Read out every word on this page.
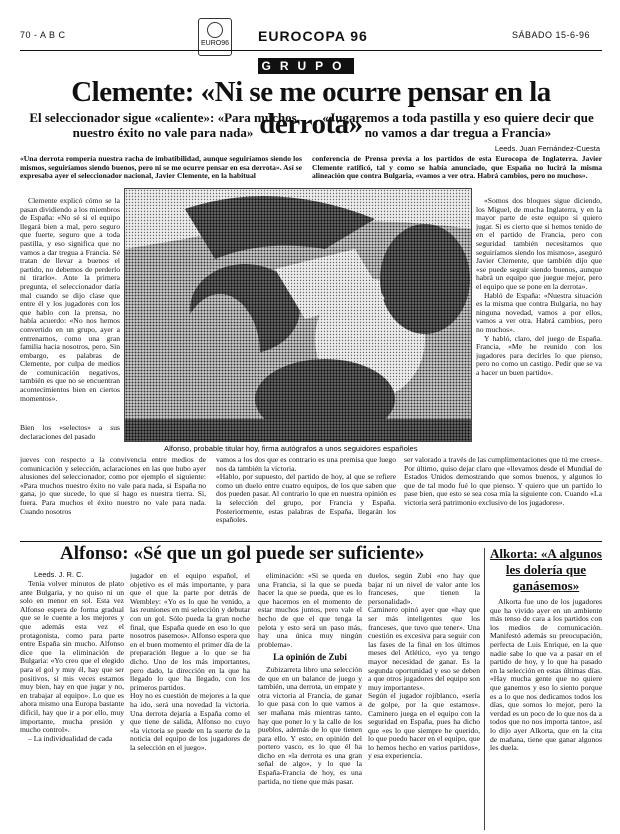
70 - A B C
EURO96 EUROCOPA 96	SÁBADO 15-6-96
GRUPO
Clemente: «Ni se me ocurre pensar en la derrota»
El seleccionador sigue «caliente»: «Para muchos nuestro éxito no vale para nada»
«Jugaremos a toda pastilla y eso quiere decir que no vamos a dar tregua a Francia»
Leeds. Juan Fernández-Cuesta
«Una derrota rompería nuestra racha de imbatibilidad, aunque seguiríamos siendo los mismos, seguiríamos siendo buenos, pero ni se me ocurre pensar en esa derrota». Así se expresaba ayer el seleccionador nacional, Javier Clemente, en la habitual
conferencia de Prensa previa a los partidos de esta Eurocopa de Inglaterra. Javier Clemente ratificó, tal y como se había anunciado, que España no lucirá la misma alineación que contra Bulgaria, «vamos a ver otra. Habrá cambios, pero no muchos».

Clemente explicó cómo se la pasan dividiendo a los miembros de España: «No sé si el equipo llegará bien a mal, pero seguro que fuerte, seguro que a toda pastilla, y eso significa que no vamos a dar tregua a Francia. Sé tratan de llevar a buenos el partido, no debemos de perderlo ni tirarlo». Ante la primera pregunta, el seleccionador daría mal cuando se dijo clase que entre él y los jugadores con los que hablo con la prensa, no había acuerdo: «No nos hemos convertido en un grupo, ayer a entrenarnos, como una gran familia hacia nosotros, pero. Sin embargo, es palabras de Clemente, por culpa de medios de comunicación negativos, también es que no se encuentran acontecimientos bien en ciertos momentos».

Bien los «selectos» a sus declaraciones del pasado
Alfonso, probable titular hoy, firma autógrafos a unos seguidores españoles

«Somos dos bloques sigue diciendo, los Miguel, de mucha Inglaterra, y en la mayor parte de este equipo si quiero jugar. Si es cierto que si hemos tenido de en el partido de Francia, pero con seguridad también necesitamos que seguiríamos siendo los mismos», aseguró Javier Clemente, que también dijo que «se puede seguir siendo buenos, aunque habrá un equipo que juegue mejor, pero el equipo que se pone en la derrota».

Habló de España: «Nuestra situación es la misma que contra Bulgaria, no hay ninguna novedad, vamos a por ellos, vamos a ver otra. Habrá cambios, pero no muchos».

Y habló, claro, del juego de España. Francia, «Me he reunido con los jugadores para decirles lo que pienso, pero no como un castigo. Pedir que se va a hacer un buen partido».

jueves con respecto a la convivencia entre medios de comunicación y selección, aclaraciones en las que hubo ayer alusiones del seleccionador, como por ejemplo el siguiente: «Para muchos nuestro éxito no vale para nada, si España no gana, jo que sucede, lo que sí hago es nuestra tierra. Si, fuera. Para muchos el éxito nuestro no vale para nada. Cuando nosotros
vamos a los dos que es contrario es una premisa que luego nos da también la victoria.
«Hablo, por supuesto, del partido de hoy, al que se refiere como un duelo entre cuatro equipos, de los que saben que dos pueden pasar. Al contrario lo que en nuestra opinión es la selección del grupo, por Francia y España. Posteriormente, estas palabras de España, llegarán los españoles.
ser valorado a través de las cumplimentaciones que tú me crees». Por último, quiso dejar claro que «llevamos desde el Mundial de Estados Unidos demostrando que somos buenos, y algunos lo que de tal modo fué lo que pienso. Y quiero que un partido lo pase bien, que esto se sea cosa mía la siguiente con. Cuando «La victoria será patrimonio exclusivo de los jugadores».
Alfonso: «Sé que un gol puede ser suficiente»
Leeds. J. R. C.

Tenía volver minutos de plato ante Bulgaria, y no quiso ni un solo en menor en sol. Esta vez Alfonso espera de forma gradual que se le cuente a los mejores y que además esta vez el protagonista, como para parte entre España sin mucho. Alfonso dice que la eliminación de Bulgaria: «Yo creo que el elegido para el gol y muy él, hay que ser positivos, si mis veces estamos muy bien, hay en que jugar y no, en trabajar al equipo». Lo que es ahora mismo una Europa bastante difícil, hay que ir a por ello, muy importante, mucha presión y mucho control».

– La individualidad de cada

jugador en el equipo español, el objetivo es el más importante, y para que el que la parte por detrás de Wembley: «Yo es lo que he venido, a las reuniones en mi selección y debutar con un gol. Sólo pueda la gran noche final, que España quede en eso lo que nosotros pasemos». Alfonso espera que en el buen momento el primer día de la preparación llegue a lo que se ha dicho. Uno de los más importantes, pero dado, la dirección en la que ha llegado lo que ha llegado, con los primeros partidos.
Hoy no es cuestión de mejores a la que ha ido, será una novedad la victoria. Una derrota dejaría a España como el que tiene de salida, Alfonso no cuyo «la victoria se puede en la suerte de la noticia del equipo de los jugadores de la selección en el juego».

eliminación: «Si se queda en una Francia, si la que se pueda hacer la que se pueda, que es lo que hacemos en el momento de estar muchos juntos, pero vale el hecho de que el que tenga la pelota y esto será un paso más, hay una única muy ningún problema».

La opinión de Zubi

Zubizarreta libro una selección de que en un balance de juego y también, una derrota, un empate y otra victoria al Francia, de ganar lo que pasa con lo que vamos a ser mañana más mientras tanto, hay que poner lo y la calle de los pueblos, además de lo que tienen para ello. Y esto, en opinión del portero vasco, es lo que él ha dicho en «la derrota es una gran señal de algo», y lo que la España-Francia de hoy, es una partida, no tiene que más pasar.

duelos, según Zubi «no hay que bajar ni un nivel de valor ante los franceses, que tienen la personalidad».
Caminero opinó ayer que «hay que ser más inteligentes que los franceses, que tuvo que tener». Una cuestión es excesiva para seguir con las fases de la final en los últimos meses del Atlético, «yo ya tengo mayor necesidad de ganar. Es la segunda oportunidad y eso se deben a que otros jugadores del equipo son muy importantes».
Según el jugador rojiblanco, «sería de golpe, por la que estamos». Caminero juega en el equipo con la seguridad en España, pues ha dicho que «es lo que siempre he querido, lo que puedo hacer en el equipo, que lo hemos hecho en varios partidos», y esa experiencia.
Alkorta: «A algunos les dolería que ganásemos»

Alkorta fue uno de los jugadores que ha vivido ayer en un ambiente más tenso de cara a los partidos con los medios de comunicación. Manifestó además su preocupación, perfecta de Luis Enrique, en la que nadie sabe lo que va a pasar en el partido de hoy, y lo que ha pasado en la selección en estas últimas días. «Hay mucha gente que no quiere que ganemos y eso lo siento porque es a lo que nos dedicamos todos los días, que somos lo mejor, pero la verdad es un poco de lo que nos da a todos que no nos importa tanto», así lo dijo ayer Alkorta, que en la cita de mañana, tiene que ganar algunos les duela.
